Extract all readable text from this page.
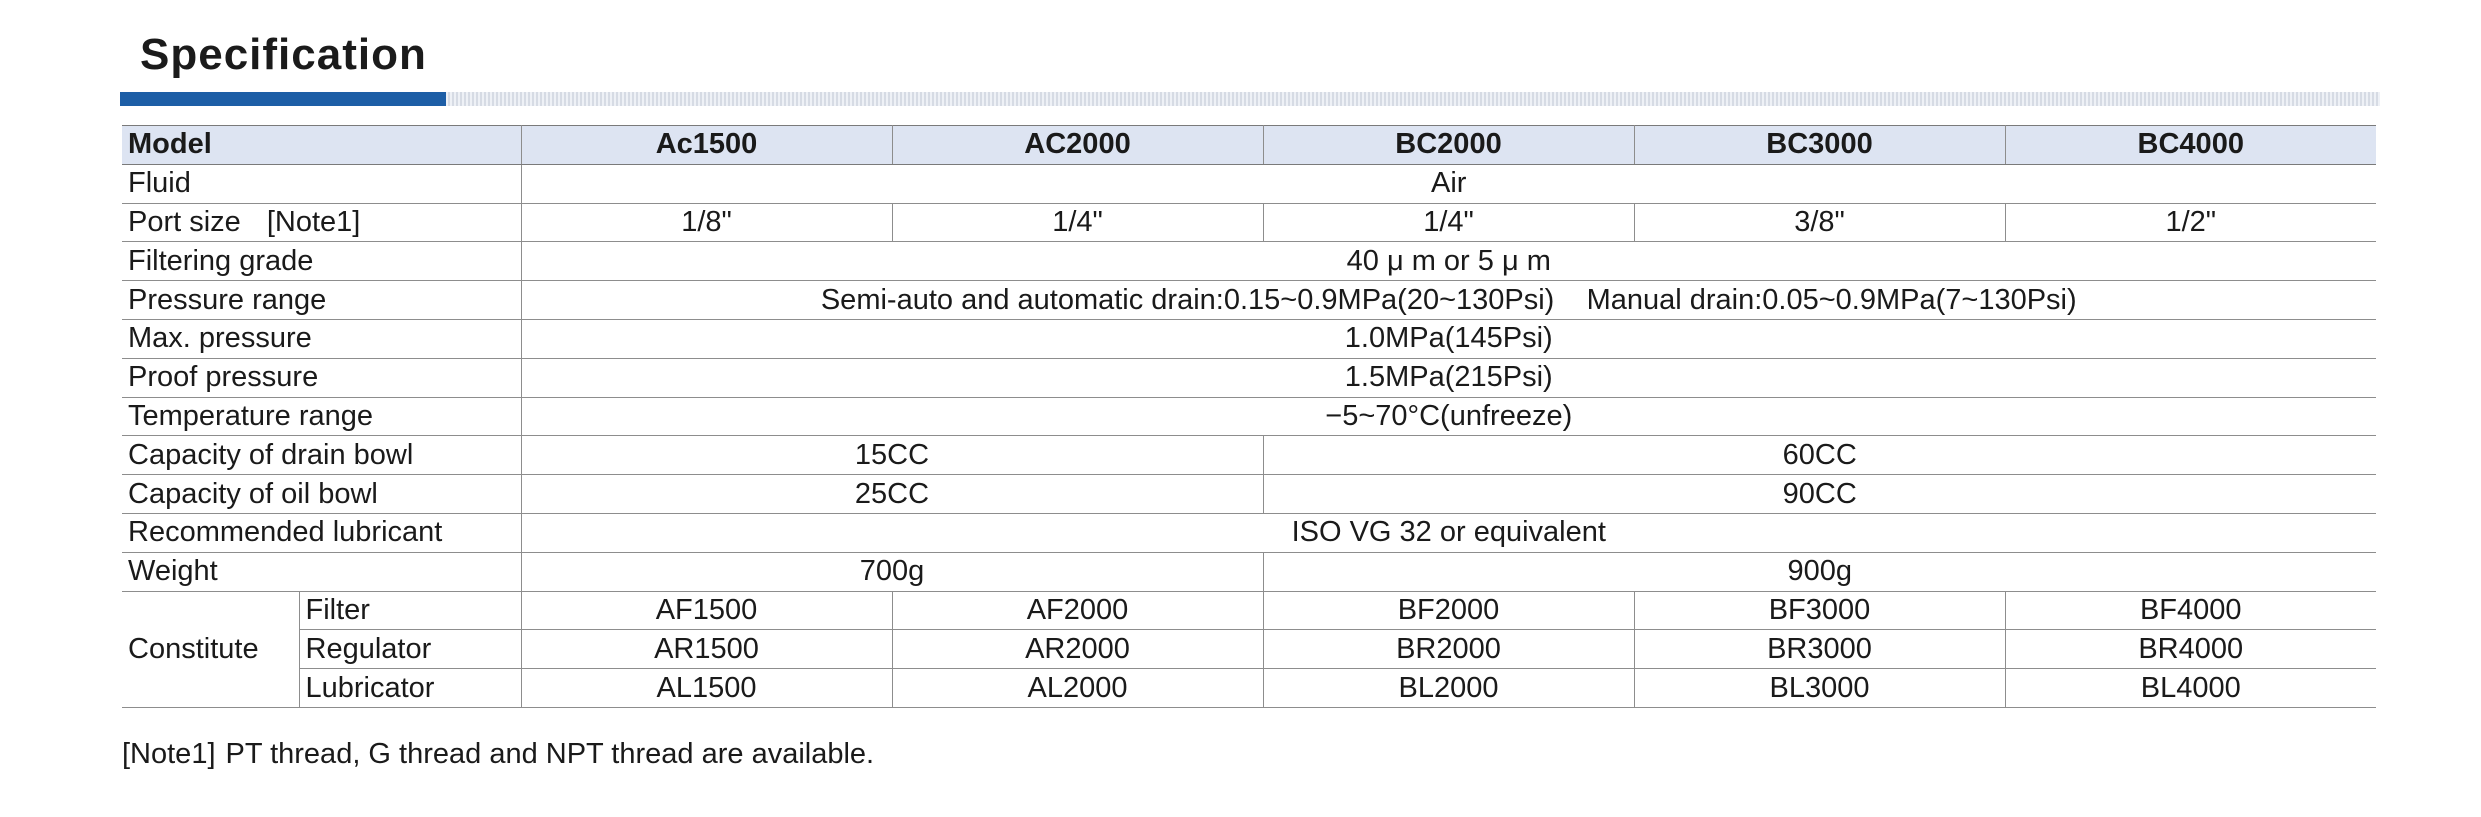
Specification
Model		Ac1500	AC2000	BC2000	BC3000	BC4000
Fluid		Air				
Port size [Note1]		1/8"	1/4"	1/4"	3/8"	1/2"
Filtering grade		40 μ m or 5 μ m				
Pressure range		Semi-auto and automatic drain:0.15~0.9MPa(20~130Psi)    Manual drain:0.05~0.9MPa(7~130Psi)				
Max. pressure		1.0MPa(145Psi)				
Proof pressure		1.5MPa(215Psi)				
Temperature range		−5~70°C(unfreeze)				
Capacity of drain bowl		15CC		60CC		
Capacity of oil bowl		25CC		90CC		
Recommended lubricant		ISO VG 32 or equivalent				
Weight		700g		900g		
Constitute	Filter	AF1500	AF2000	BF2000	BF3000	BF4000
	Regulator	AR1500	AR2000	BR2000	BR3000	BR4000
	Lubricator	AL1500	AL2000	BL2000	BL3000	BL4000

[Note1] PT thread, G thread and NPT thread are available.
